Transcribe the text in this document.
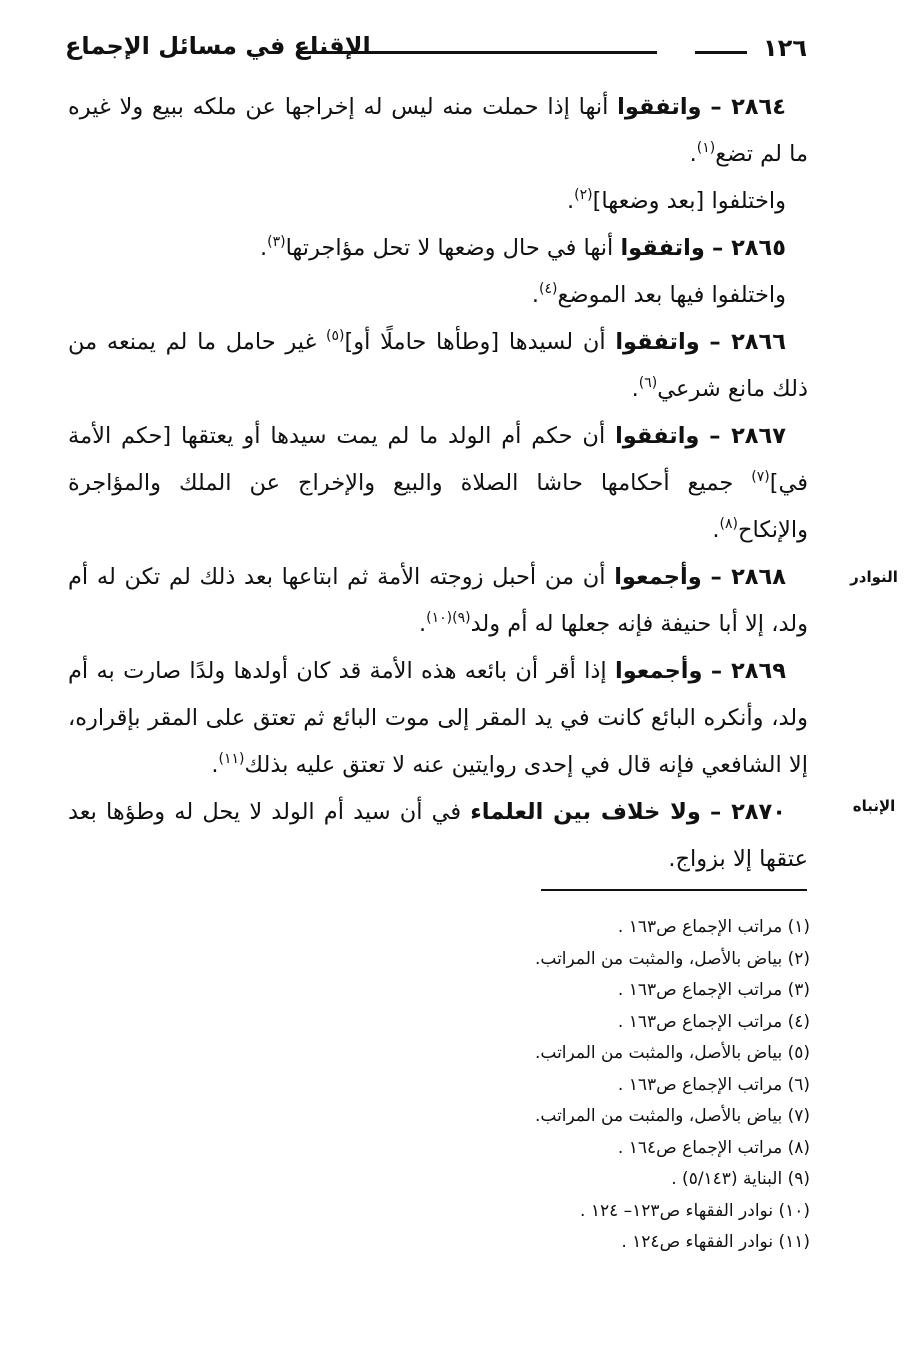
١٢٦
الإقناع في مسائل الإجماع
النوادر
الإنباه

٢٨٦٤ – واتفقوا أنها إذا حملت منه ليس له إخراجها عن ملكه ببيع ولا غيره ما لم تضع$^{(١)}$.

واختلفوا [بعد وضعها]$^{(٢)}$.

٢٨٦٥ – واتفقوا أنها في حال وضعها لا تحل مؤاجرتها$^{(٣)}$.

واختلفوا فيها بعد الموضع$^{(٤)}$.

٢٨٦٦ – واتفقوا أن لسيدها [وطأها حاملًا أو]$^{(٥)}$ غير حامل ما لم يمنعه من ذلك مانع شرعي$^{(٦)}$.

٢٨٦٧ – واتفقوا أن حكم أم الولد ما لم يمت سيدها أو يعتقها [حكم الأمة في]$^{(٧)}$ جميع أحكامها حاشا الصلاة والبيع والإخراج عن الملك والمؤاجرة والإنكاح$^{(٨)}$.

٢٨٦٨ – وأجمعوا أن من أحبل زوجته الأمة ثم ابتاعها بعد ذلك لم تكن له أم ولد، إلا أبا حنيفة فإنه جعلها له أم ولد$^{(٩)(١٠)}$.

٢٨٦٩ – وأجمعوا إذا أقر أن بائعه هذه الأمة قد كان أولدها ولدًا صارت به أم ولد، وأنكره البائع كانت في يد المقر إلى موت البائع ثم تعتق على المقر بإقراره، إلا الشافعي فإنه قال في إحدى روايتين عنه لا تعتق عليه بذلك$^{(١١)}$.

٢٨٧٠ – ولا خلاف بين العلماء في أن سيد أم الولد لا يحل له وطؤها بعد عتقها إلا بزواج.

(١) مراتب الإجماع ص١٦٣ .
(٢) بياض بالأصل، والمثبت من المراتب.
(٣) مراتب الإجماع ص١٦٣ .
(٤) مراتب الإجماع ص١٦٣ .
(٥) بياض بالأصل، والمثبت من المراتب.
(٦) مراتب الإجماع ص١٦٣ .
(٧) بياض بالأصل، والمثبت من المراتب.
(٨) مراتب الإجماع ص١٦٤ .
(٩) البناية (٥/١٤٣) .
(١٠) نوادر الفقهاء ص١٢٣– ١٢٤ .
(١١) نوادر الفقهاء ص١٢٤ .
